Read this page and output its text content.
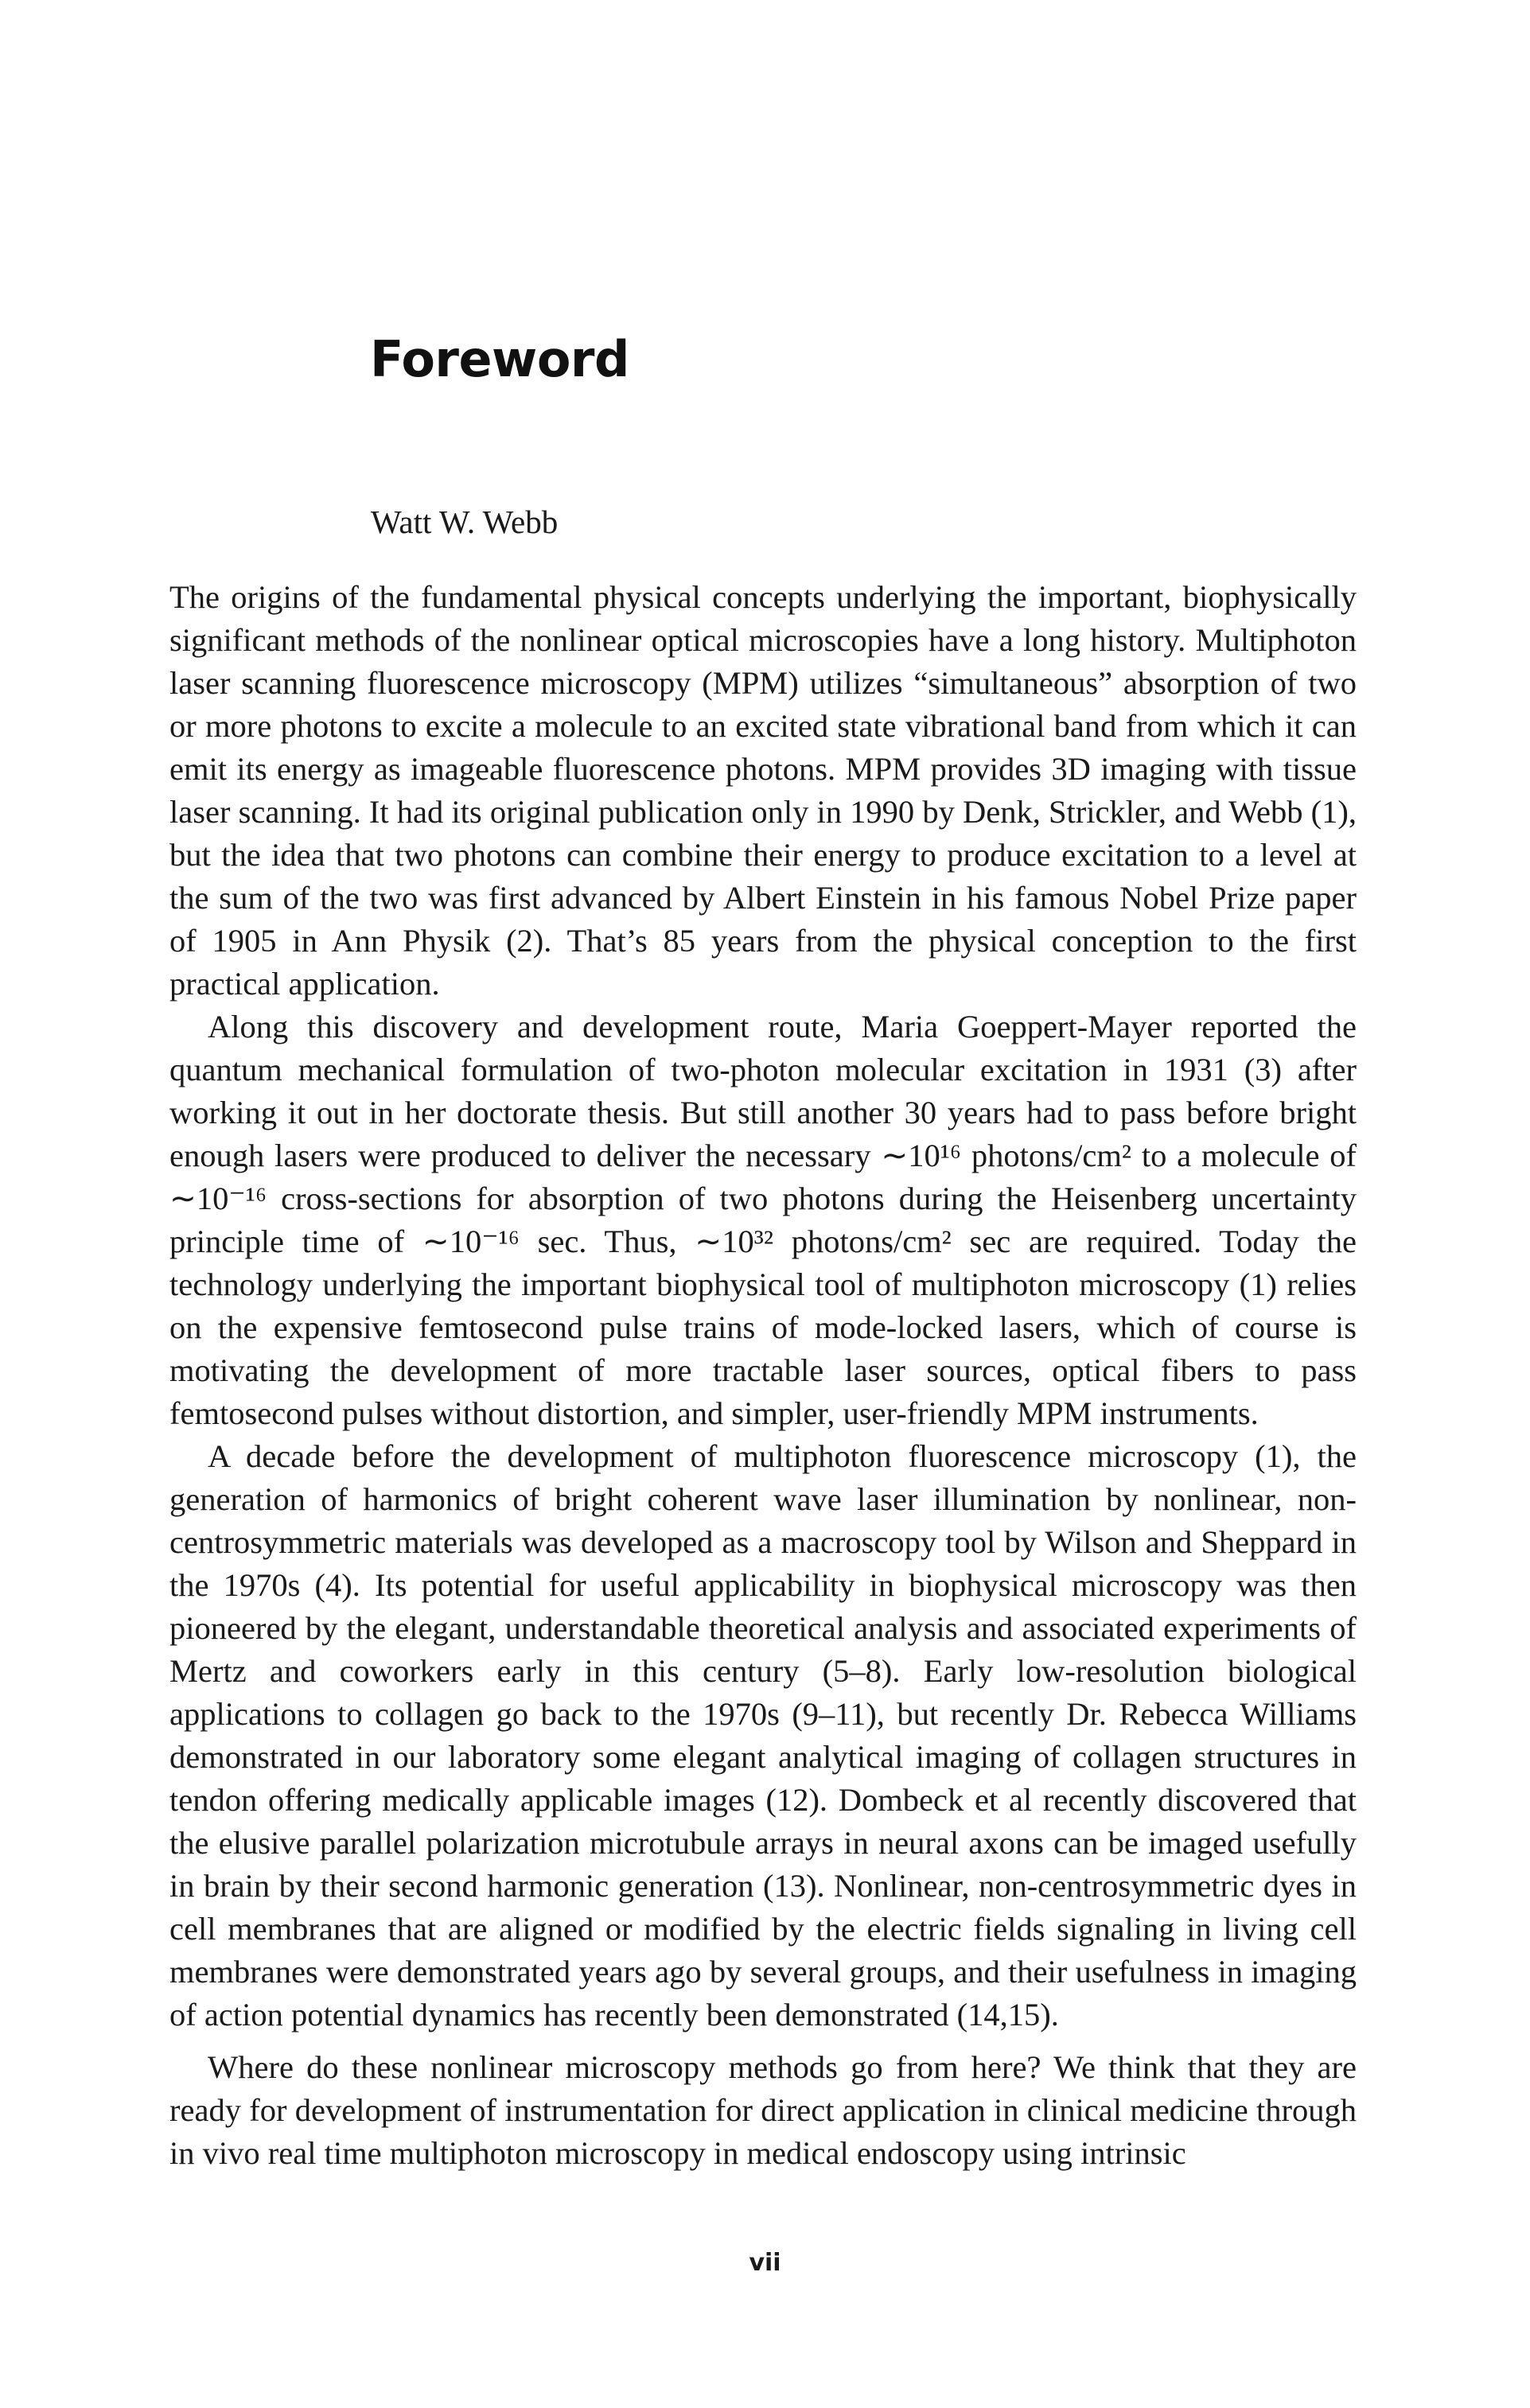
Foreword
Watt W. Webb

The origins of the fundamental physical concepts underlying the important, biophysically significant methods of the nonlinear optical microscopies have a long history. Multiphoton laser scanning fluorescence microscopy (MPM) utilizes “simultaneous” absorption of two or more photons to excite a molecule to an excited state vibrational band from which it can emit its energy as imageable fluorescence photons. MPM provides 3D imaging with tissue laser scanning. It had its original publication only in 1990 by Denk, Strickler, and Webb (1), but the idea that two photons can combine their energy to produce excitation to a level at the sum of the two was first advanced by Albert Einstein in his famous Nobel Prize paper of 1905 in Ann Physik (2). That’s 85 years from the physical conception to the first practical application.

Along this discovery and development route, Maria Goeppert-Mayer reported the quantum mechanical formulation of two-photon molecular excitation in 1931 (3) after working it out in her doctorate thesis. But still another 30 years had to pass before bright enough lasers were produced to deliver the necessary ∼10¹⁶ photons/cm² to a molecule of ∼10⁻¹⁶ cross-sections for absorption of two photons during the Heisenberg uncertainty principle time of ∼10⁻¹⁶ sec. Thus, ∼10³² photons/cm² sec are required. Today the technology underlying the important biophysical tool of multiphoton microscopy (1) relies on the expensive femtosecond pulse trains of mode-locked lasers, which of course is motivating the development of more tractable laser sources, optical fibers to pass femtosecond pulses without distortion, and simpler, user-friendly MPM instruments.

A decade before the development of multiphoton fluorescence microscopy (1), the generation of harmonics of bright coherent wave laser illumination by nonlinear, non-centrosymmetric materials was developed as a macroscopy tool by Wilson and Sheppard in the 1970s (4). Its potential for useful applicability in biophysical microscopy was then pioneered by the elegant, understandable theoretical analysis and associated experiments of Mertz and coworkers early in this century (5–8). Early low-resolution biological applications to collagen go back to the 1970s (9–11), but recently Dr. Rebecca Williams demonstrated in our laboratory some elegant analytical imaging of collagen structures in tendon offering medically applicable images (12). Dombeck et al recently discovered that the elusive parallel polarization microtubule arrays in neural axons can be imaged usefully in brain by their second harmonic generation (13). Nonlinear, non-centrosymmetric dyes in cell membranes that are aligned or modified by the electric fields signaling in living cell membranes were demonstrated years ago by several groups, and their usefulness in imaging of action potential dynamics has recently been demonstrated (14,15).

Where do these nonlinear microscopy methods go from here? We think that they are ready for development of instrumentation for direct application in clinical medicine through in vivo real time multiphoton microscopy in medical endoscopy using intrinsic

vii
